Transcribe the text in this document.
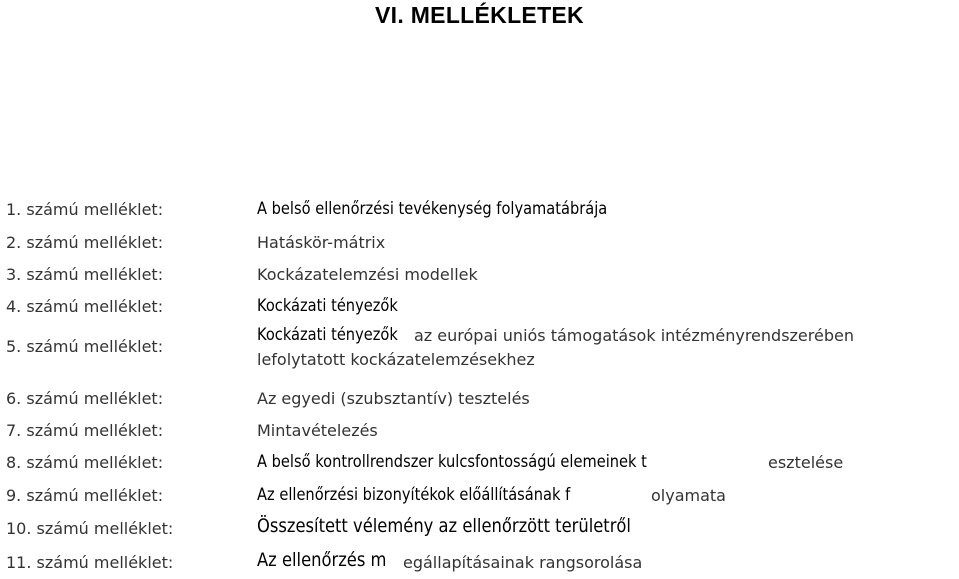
VI. MELLÉKLETEK
1. számú melléklet:	A belső ellenőrzési tevékenység folyamatábrája
2. számú melléklet:	Hatáskör-mátrix
3. számú melléklet:	Kockázatelemzési modellek
4. számú melléklet:	Kockázati tényezők
5. számú melléklet:
Kockázati tényezők	az európai uniós támogatások intézményrendszerében
lefolytatott kockázatelemzésekhez
6. számú melléklet:	Az egyedi (szubsztantív) tesztelés
7. számú melléklet:	Mintavételezés
8. számú melléklet:	A belső kontrollrendszer kulcsfontosságú elemeinek t	esztelése
9. számú melléklet:	Az ellenőrzési bizonyítékok előállításának f	olyamata
10. számú melléklet:	Összesített vélemény az ellenőrzött területről
11. számú melléklet:	Az ellenőrzés m	egállapításainak rangsorolása
